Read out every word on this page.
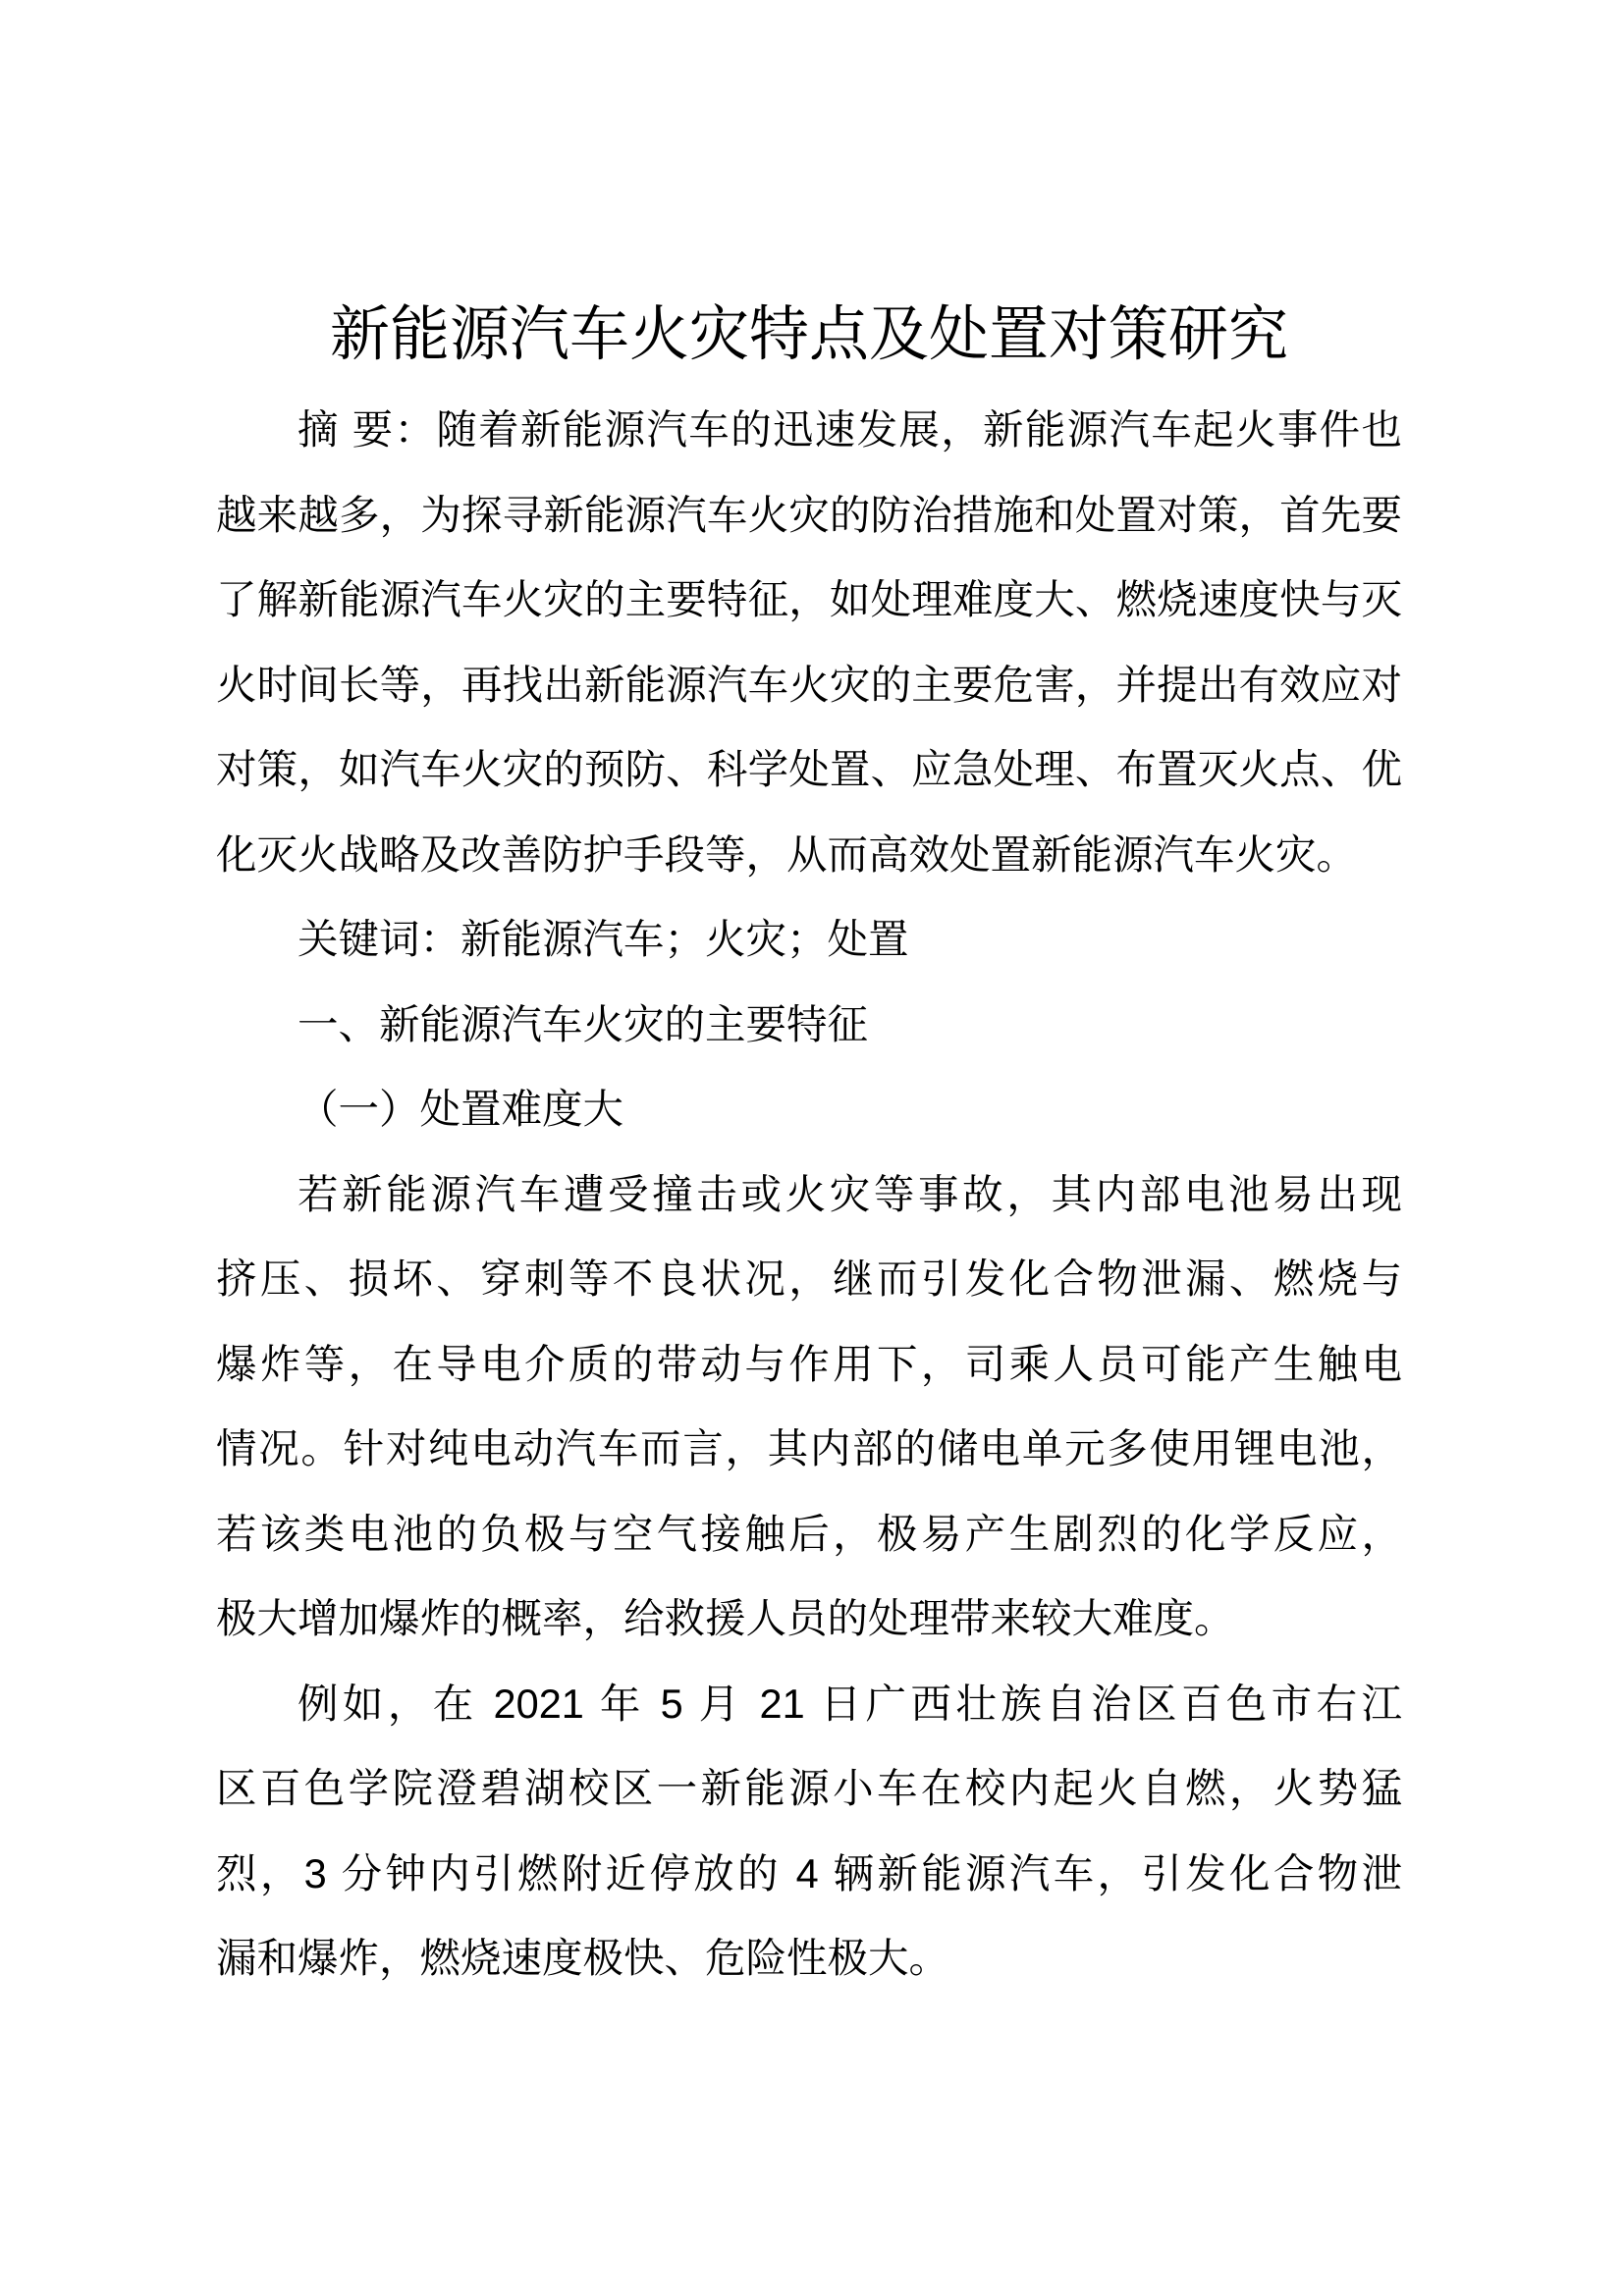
新能源汽车火灾特点及处置对策研究

摘 要：随着新能源汽车的迅速发展，新能源汽车起火事件也
越来越多，为探寻新能源汽车火灾的防治措施和处置对策，首先要
了解新能源汽车火灾的主要特征，如处理难度大、燃烧速度快与灭
火时间长等，再找出新能源汽车火灾的主要危害，并提出有效应对
对策，如汽车火灾的预防、科学处置、应急处理、布置灭火点、优
化灭火战略及改善防护手段等，从而高效处置新能源汽车火灾。

关键词：新能源汽车；火灾；处置

一、新能源汽车火灾的主要特征

（一）处置难度大

若新能源汽车遭受撞击或火灾等事故，其内部电池易出现
挤压、损坏、穿刺等不良状况，继而引发化合物泄漏、燃烧与
爆炸等，在导电介质的带动与作用下，司乘人员可能产生触电
情况。针对纯电动汽车而言，其内部的储电单元多使用锂电池，
若该类电池的负极与空气接触后，极易产生剧烈的化学反应，
极大增加爆炸的概率，给救援人员的处理带来较大难度。

例如，在 2021 年 5 月 21 日广西壮族自治区百色市右江
区百色学院澄碧湖校区一新能源小车在校内起火自燃，火势猛
烈，3 分钟内引燃附近停放的 4 辆新能源汽车，引发化合物泄
漏和爆炸，燃烧速度极快、危险性极大。
